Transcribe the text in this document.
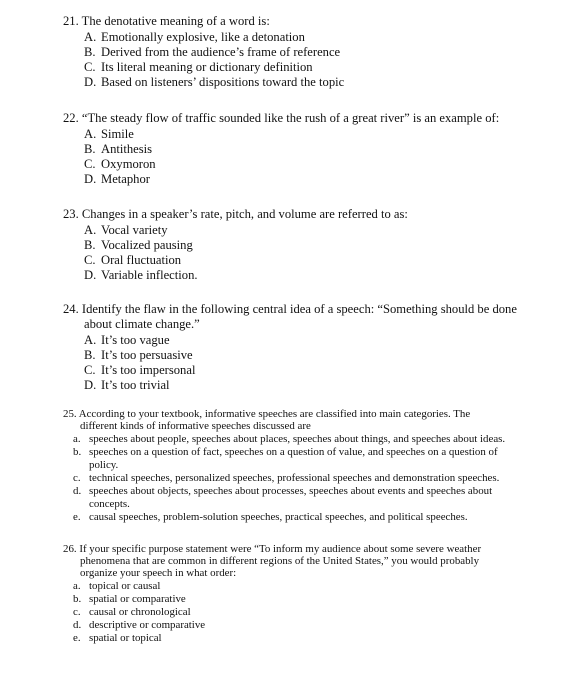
21. The denotative meaning of a word is:
A. Emotionally explosive, like a detonation
B. Derived from the audience’s frame of reference
C. Its literal meaning or dictionary definition
D. Based on listeners’ dispositions toward the topic
22. “The steady flow of traffic sounded like the rush of a great river” is an example of:
A. Simile
B. Antithesis
C. Oxymoron
D. Metaphor
23. Changes in a speaker’s rate, pitch, and volume are referred to as:
A. Vocal variety
B. Vocalized pausing
C. Oral fluctuation
D. Variable inflection.
24. Identify the flaw in the following central idea of a speech: “Something should be done
about climate change.”
A. It’s too vague
B. It’s too persuasive
C. It’s too impersonal
D. It’s too trivial
25. According to your textbook, informative speeches are classified into main categories. The
different kinds of informative speeches discussed are
a. speeches about people, speeches about places, speeches about things, and speeches about ideas.
b. speeches on a question of fact, speeches on a question of value, and speeches on a question of
policy.
c. technical speeches, personalized speeches, professional speeches and demonstration speeches.
d. speeches about objects, speeches about processes, speeches about events and speeches about
concepts.
e. causal speeches, problem-solution speeches, practical speeches, and political speeches.
26. If your specific purpose statement were “To inform my audience about some severe weather
phenomena that are common in different regions of the United States,” you would probably
organize your speech in what order:
a. topical or causal
b. spatial or comparative
c. causal or chronological
d. descriptive or comparative
e. spatial or topical
